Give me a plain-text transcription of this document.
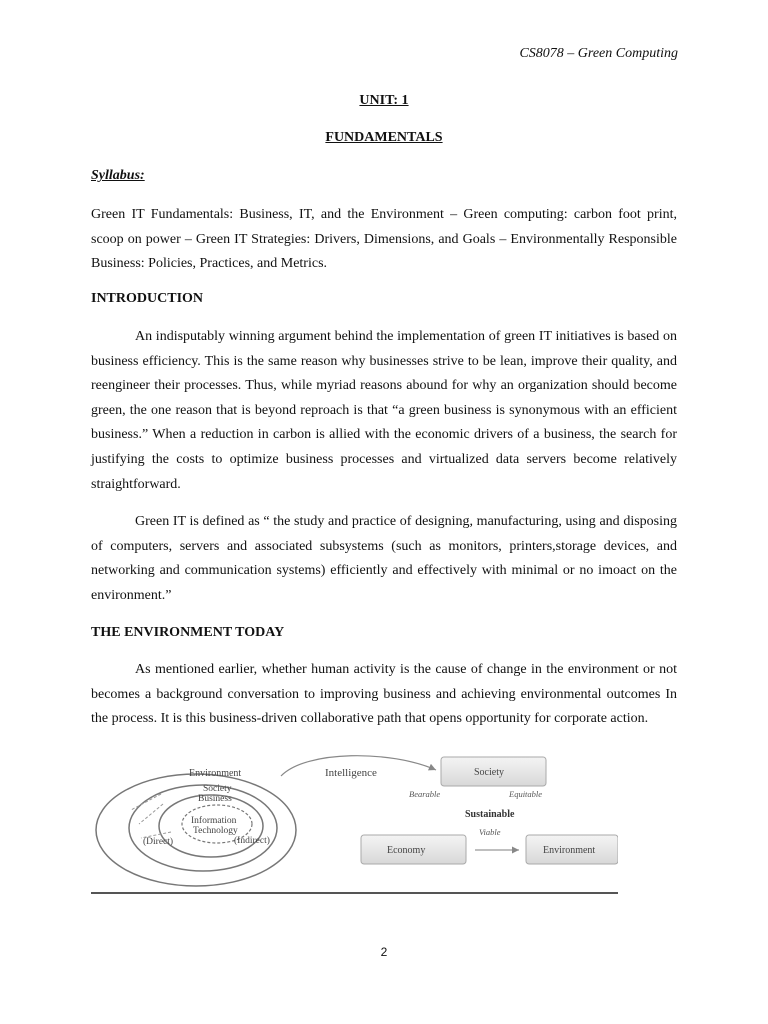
CS8078 – Green Computing
UNIT: 1
FUNDAMENTALS
Syllabus:

Green IT Fundamentals: Business, IT, and the Environment – Green computing: carbon foot print, scoop on power – Green IT Strategies: Drivers, Dimensions, and Goals – Environmentally Responsible Business: Policies, Practices, and Metrics.

INTRODUCTION

An indisputably winning argument behind the implementation of green IT initiatives is based on business efficiency. This is the same reason why businesses strive to be lean, improve their quality, and reengineer their processes. Thus, while myriad reasons abound for why an organization should become green, the one reason that is beyond reproach is that “a green business is synonymous with an efficient business.” When a reduction in carbon is allied with the economic drivers of a business, the search for justifying the costs to optimize business processes and virtualized data servers become relatively straightforward.

Green IT is defined as “ the study and practice of designing, manufacturing, using and disposing of computers, servers and associated subsystems (such as monitors, printers,storage devices, and networking and communication systems) efficiently and effectively with minimal or no imoact on the environment.”

THE ENVIRONMENT TODAY

As mentioned earlier, whether human activity is the cause of change in the environment or not becomes a background conversation to improving business and achieving environmental outcomes In the process. It is this business-driven collaborative path that opens opportunity for corporate action.

Environment
Society
Business
Information
Technology
(Direct)	(Indirect)
Intelligence	Society
Economy	Environment
Bearable	Equitable
Sustainable
Viable
2
